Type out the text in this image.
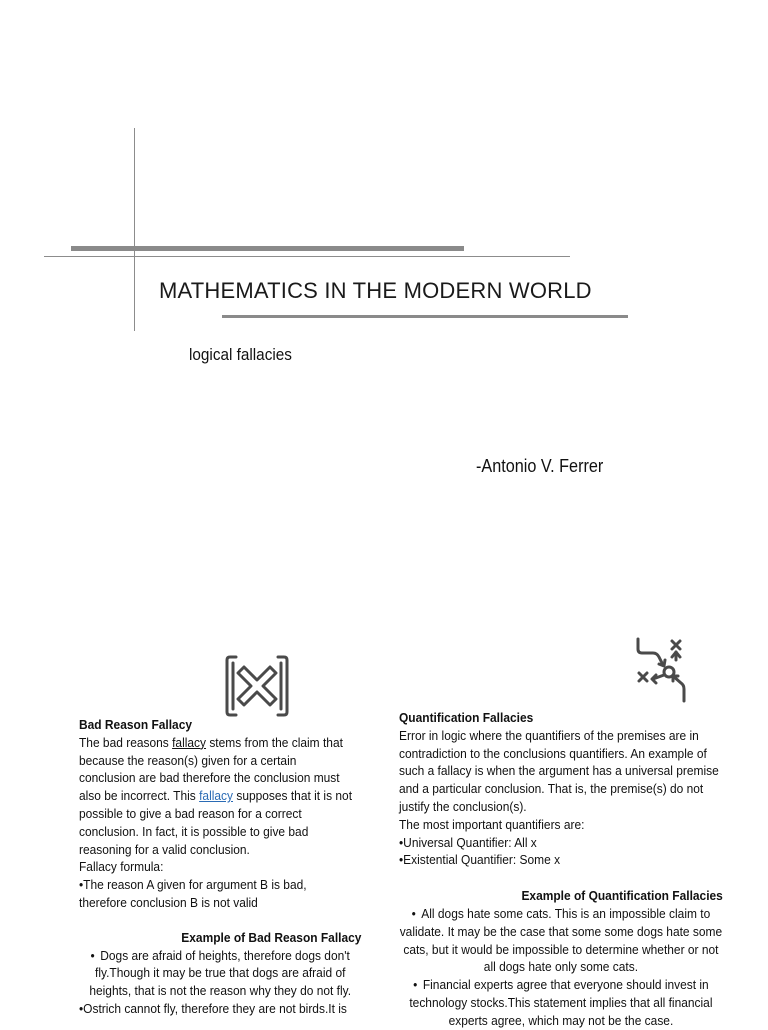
MATHEMATICS IN THE MODERN WORLD
logical fallacies
-Antonio V. Ferrer
Bad Reason Fallacy
The bad reasons fallacy stems from the claim that because the reason(s) given for a certain conclusion are bad therefore the conclusion must also be incorrect. This fallacy supposes that it is not possible to give a bad reason for a correct conclusion. In fact, it is possible to give bad reasoning for a valid conclusion.
Fallacy formula:
•The reason A given for argument B is bad, therefore conclusion B is not valid
Example of Bad Reason Fallacy
• Dogs are afraid of heights, therefore dogs don't fly.Though it may be true that dogs are afraid of heights, that is not the reason why they do not fly.
•Ostrich cannot fly, therefore they are not birds.It is
Quantification Fallacies
Error in logic where the quantifiers of the premises are in contradiction to the conclusions quantifiers. An example of such a fallacy is when the argument has a universal premise and a particular conclusion. That is, the premise(s) do not justify the conclusion(s).
The most important quantifiers are:
•Universal Quantifier: All x
•Existential Quantifier: Some x
Example of Quantification Fallacies
• All dogs hate some cats. This is an impossible claim to validate. It may be the case that some some dogs hate some cats, but it would be impossible to determine whether or not all dogs hate only some cats.
• Financial experts agree that everyone should invest in technology stocks.This statement implies that all financial experts agree, which may not be the case.
